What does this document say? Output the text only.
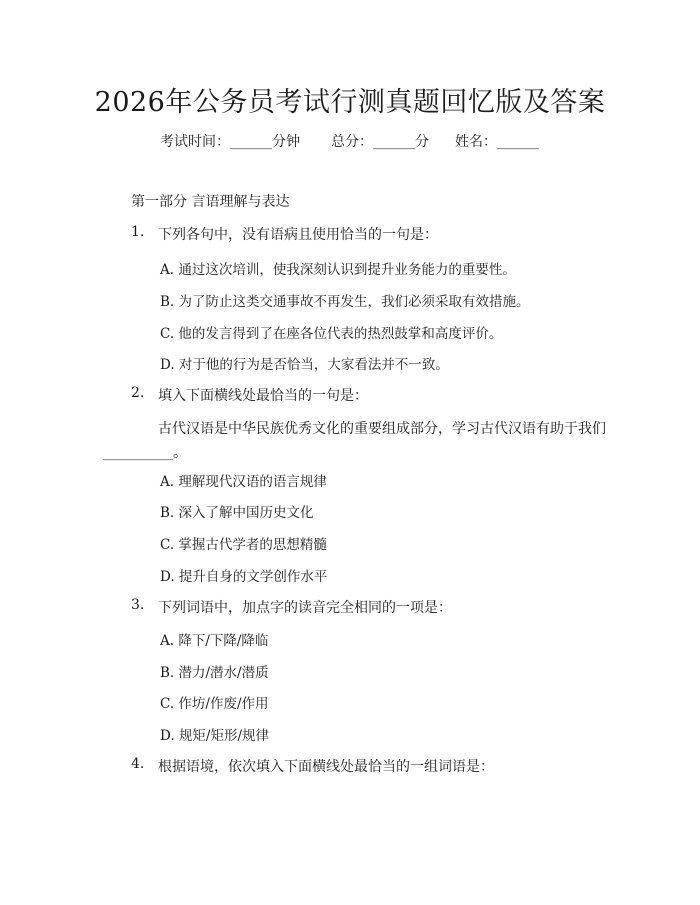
2026年公务员考试行测真题回忆版及答案
考试时间：______分钟 总分：______分 姓名：______
第一部分 言语理解与表达
1. 下列各句中，没有语病且使用恰当的一句是：
A. 通过这次培训，使我深刻认识到提升业务能力的重要性。
B. 为了防止这类交通事故不再发生，我们必须采取有效措施。
C. 他的发言得到了在座各位代表的热烈鼓掌和高度评价。
D. 对于他的行为是否恰当，大家看法并不一致。
2. 填入下面横线处最恰当的一句是：
古代汉语是中华民族优秀文化的重要组成部分，学习古代汉语有助于我们
__________。
A. 理解现代汉语的语言规律
B. 深入了解中国历史文化
C. 掌握古代学者的思想精髓
D. 提升自身的文学创作水平
3. 下列词语中，加点字的读音完全相同的一项是：
A. 降下/下降/降临
B. 潜力/潜水/潜质
C. 作坊/作废/作用
D. 规矩/矩形/规律
4. 根据语境，依次填入下面横线处最恰当的一组词语是：
